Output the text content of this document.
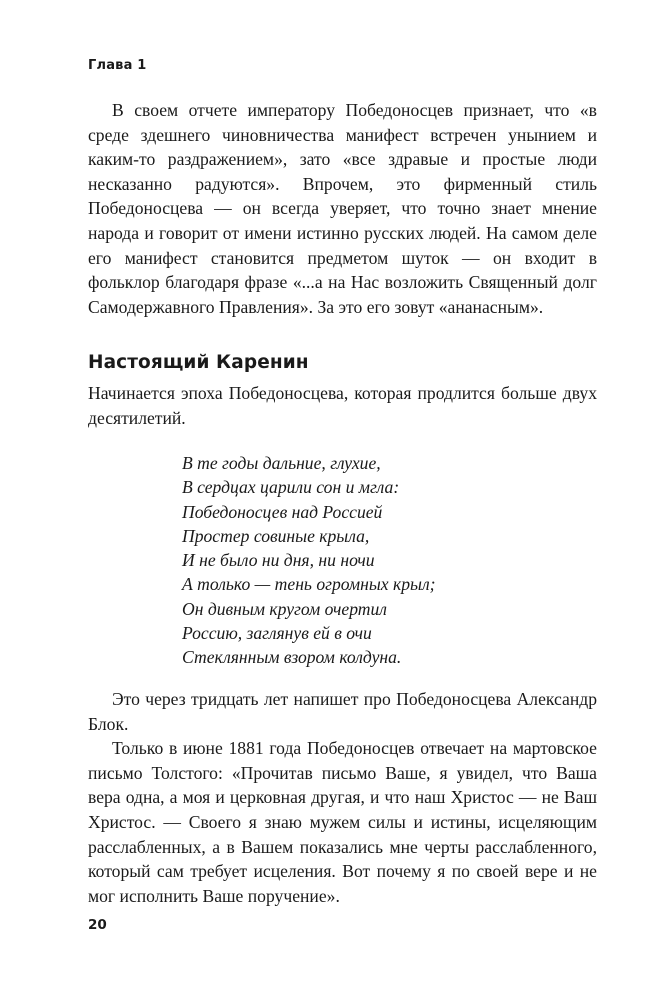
Глава 1

В своем отчете императору Победоносцев признает, что «в среде здешнего чиновничества манифест встречен унынием и каким-то раздражением», зато «все здравые и простые люди несказанно радуются». Впрочем, это фирменный стиль Победоносцева — он всегда уверяет, что точно знает мнение народа и говорит от имени истинно русских людей. На самом деле его манифест становится предметом шуток — он входит в фольклор благодаря фразе «...а на Нас возложить Священный долг Самодержавного Правления». За это его зовут «ананасным».

Настоящий Каренин

Начинается эпоха Победоносцева, которая продлится больше двух десятилетий.

В те годы дальние, глухие,
В сердцах царили сон и мгла:
Победоносцев над Россией
Простер совиные крыла,
И не было ни дня, ни ночи
А только — тень огромных крыл;
Он дивным кругом очертил
Россию, заглянув ей в очи
Стеклянным взором колдуна.

Это через тридцать лет напишет про Победоносцева Александр Блок.

Только в июне 1881 года Победоносцев отвечает на мартовское письмо Толстого: «Прочитав письмо Ваше, я увидел, что Ваша вера одна, а моя и церковная другая, и что наш Христос — не Ваш Христос. — Своего я знаю мужем силы и истины, исцеляющим расслабленных, а в Вашем показались мне черты расслабленного, который сам требует исцеления. Вот почему я по своей вере и не мог исполнить Ваше поручение».

20
